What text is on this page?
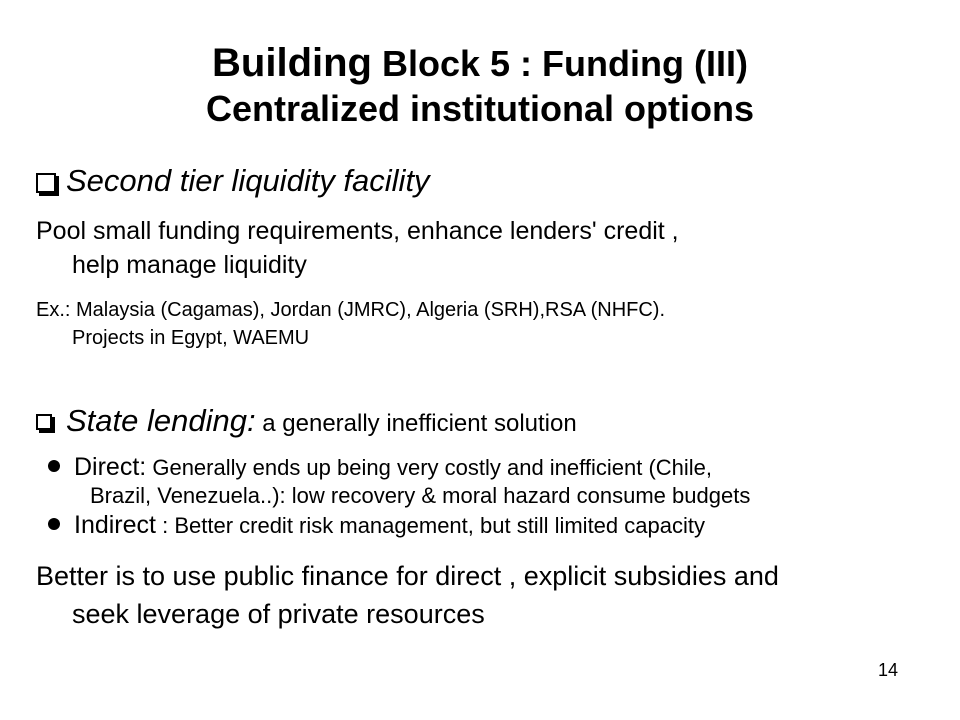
Building Block 5 : Funding (III)
Centralized institutional options
Second tier liquidity facility
Pool small funding requirements, enhance lenders' credit ,
help manage liquidity
Ex.: Malaysia (Cagamas), Jordan (JMRC), Algeria (SRH),RSA (NHFC).
Projects in Egypt, WAEMU
State lending: a generally inefficient solution
Direct: Generally ends up being very costly and inefficient (Chile,
Brazil, Venezuela..): low recovery & moral hazard consume budgets
Indirect : Better credit risk management, but still limited capacity
Better is to use public finance for direct , explicit subsidies and
seek leverage of private resources
14
